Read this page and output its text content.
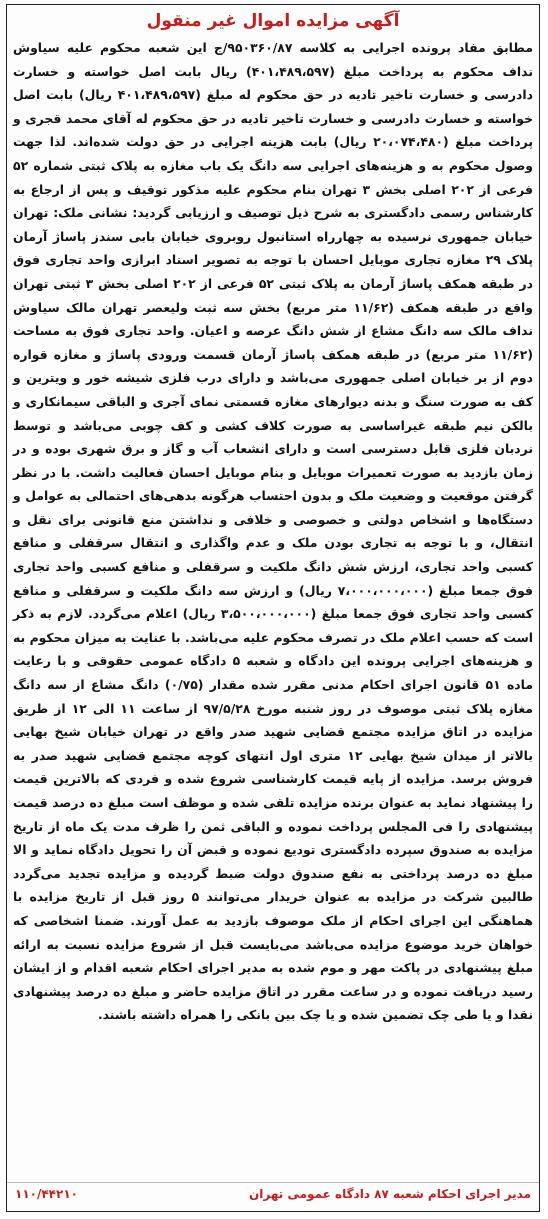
آگهی مزایده اموال غیر منقول

مطابق مفاد پرونده اجرایی به کلاسه ۹۵۰۳۶۰/۸۷/ج این شعبه محکوم علیه سیاوش نداف محکوم به پرداخت مبلغ (۴۰۱،۴۸۹،۵۹۷) ریال بابت اصل خواسته و خسارت دادرسی و خسارت تاخیر تادیه در حق محکوم له مبلغ (۴۰۱،۴۸۹،۵۹۷ ریال) بابت اصل خواسته و خسارت دادرسی و خسارت تاخیر تادیه در حق محکوم له آقای محمد قجری و پرداخت مبلغ (۲۰،۰۷۴،۴۸۰ ریال) بابت هزینه اجرایی در حق دولت شده‌اند. لذا جهت وصول محکوم به و هزینه‌های اجرایی سه دانگ یک باب مغازه به پلاک ثبتی شماره ۵۲ فرعی از ۲۰۲ اصلی بخش ۳ تهران بنام محکوم علیه مذکور توقیف و پس از ارجاع به کارشناس رسمی دادگستری به شرح ذیل توصیف و ارزیابی گردید: نشانی ملک: تهران خیابان جمهوری نرسیده به چهارراه استانبول روبروی خیابان بابی سندز پاساژ آرمان پلاک ۲۹ مغازه تجاری موبایل احسان با توجه به تصویر اسناد ابرازی واحد تجاری فوق در طبقه همکف پاساژ آرمان به پلاک ثبتی ۵۲ فرعی از ۲۰۲ اصلی بخش ۳ ثبتی تهران واقع در طبقه همکف (۱۱/۶۲ متر مربع) بخش سه ثبت ولیعصر تهران مالک سیاوش نداف مالک سه دانگ مشاع از شش دانگ عرصه و اعیان. واحد تجاری فوق به مساحت (۱۱/۶۲ متر مربع) در طبقه همکف پاساژ آرمان قسمت ورودی پاساژ و مغازه قواره دوم از بر خیابان اصلی جمهوری می‌باشد و دارای درب فلزی شیشه خور و ویترین و کف به صورت سنگ و بدنه دیوارهای مغازه قسمتی نمای آجری و الباقی سیمانکاری و بالکن نیم طبقه غیراساسی به صورت کلاف کشی و کف چوبی می‌باشد و توسط نردبان فلزی قابل دسترسی است و دارای انشعاب آب و گاز و برق شهری بوده و در زمان بازدید به صورت تعمیرات موبایل و بنام موبایل احسان فعالیت داشت. با در نظر گرفتن موقعیت و وضعیت ملک و بدون احتساب هرگونه بدهی‌های احتمالی به عوامل و دستگاه‌ها و اشخاص دولتی و خصوصی و خلافی و نداشتن منع قانونی برای نقل و انتقال، و با توجه به تجاری بودن ملک و عدم واگذاری و انتقال سرقفلی و منافع کسبی واحد تجاری، ارزش شش دانگ ملکیت و سرقفلی و منافع کسبی واحد تجاری فوق جمعا مبلغ (۷،۰۰۰،۰۰۰،۰۰۰ ریال) و ارزش سه دانگ ملکیت و سرقفلی و منافع کسبی واحد تجاری فوق جمعا مبلغ (۳،۵۰۰،۰۰۰،۰۰۰ ریال) اعلام می‌گردد. لازم به ذکر است که حسب اعلام ملک در تصرف محکوم علیه می‌باشد. با عنایت به میزان محکوم به و هزینه‌های اجرایی پرونده این دادگاه و شعبه ۵ دادگاه عمومی حقوقی و با رعایت ماده ۵۱ قانون اجرای احکام مدنی مقرر شده مقدار (۰/۷۵) دانگ مشاع از سه دانگ مغازه پلاک ثبتی موصوف در روز شنبه مورخ ۹۷/۵/۲۸ از ساعت ۱۱ الی ۱۲ از طریق مزایده در اتاق مزایده مجتمع قضایی شهید صدر واقع در تهران خیابان شیخ بهایی بالاتر از میدان شیخ بهایی ۱۲ متری اول انتهای کوچه مجتمع قضایی شهید صدر به فروش برسد. مزایده از پایه قیمت کارشناسی شروع شده و فردی که بالاترین قیمت را پیشنهاد نماید به عنوان برنده مزایده تلقی شده و موظف است مبلغ ده درصد قیمت پیشنهادی را فی المجلس پرداخت نموده و الباقی ثمن را ظرف مدت یک ماه از تاریخ مزایده به صندوق سپرده دادگستری تودیع نموده و قبض آن را تحویل دادگاه نماید و الا مبلغ ده درصد پرداختی به نفع صندوق دولت ضبط گردیده و مزایده تجدید می‌گردد طالبین شرکت در مزایده به عنوان خریدار می‌توانند ۵ روز قبل از تاریخ مزایده با هماهنگی این اجرای احکام از ملک موصوف بازدید به عمل آورند. ضمنا اشخاصی که خواهان خرید موضوع مزایده می‌باشد می‌بایست قبل از شروع مزایده نسبت به ارائه مبلغ پیشنهادی در پاکت مهر و موم شده به مدیر اجرای احکام شعبه اقدام و از ایشان رسید دریافت نموده و در ساعت مقرر در اتاق مزایده حاضر و مبلغ ده درصد پیشنهادی نقدا و یا طی چک تضمین شده و یا چک بین بانکی را همراه داشته باشند.

مدیر اجرای احکام شعبه ۸۷ دادگاه عمومی تهران
۱۱۰/۴۴۲۱۰
